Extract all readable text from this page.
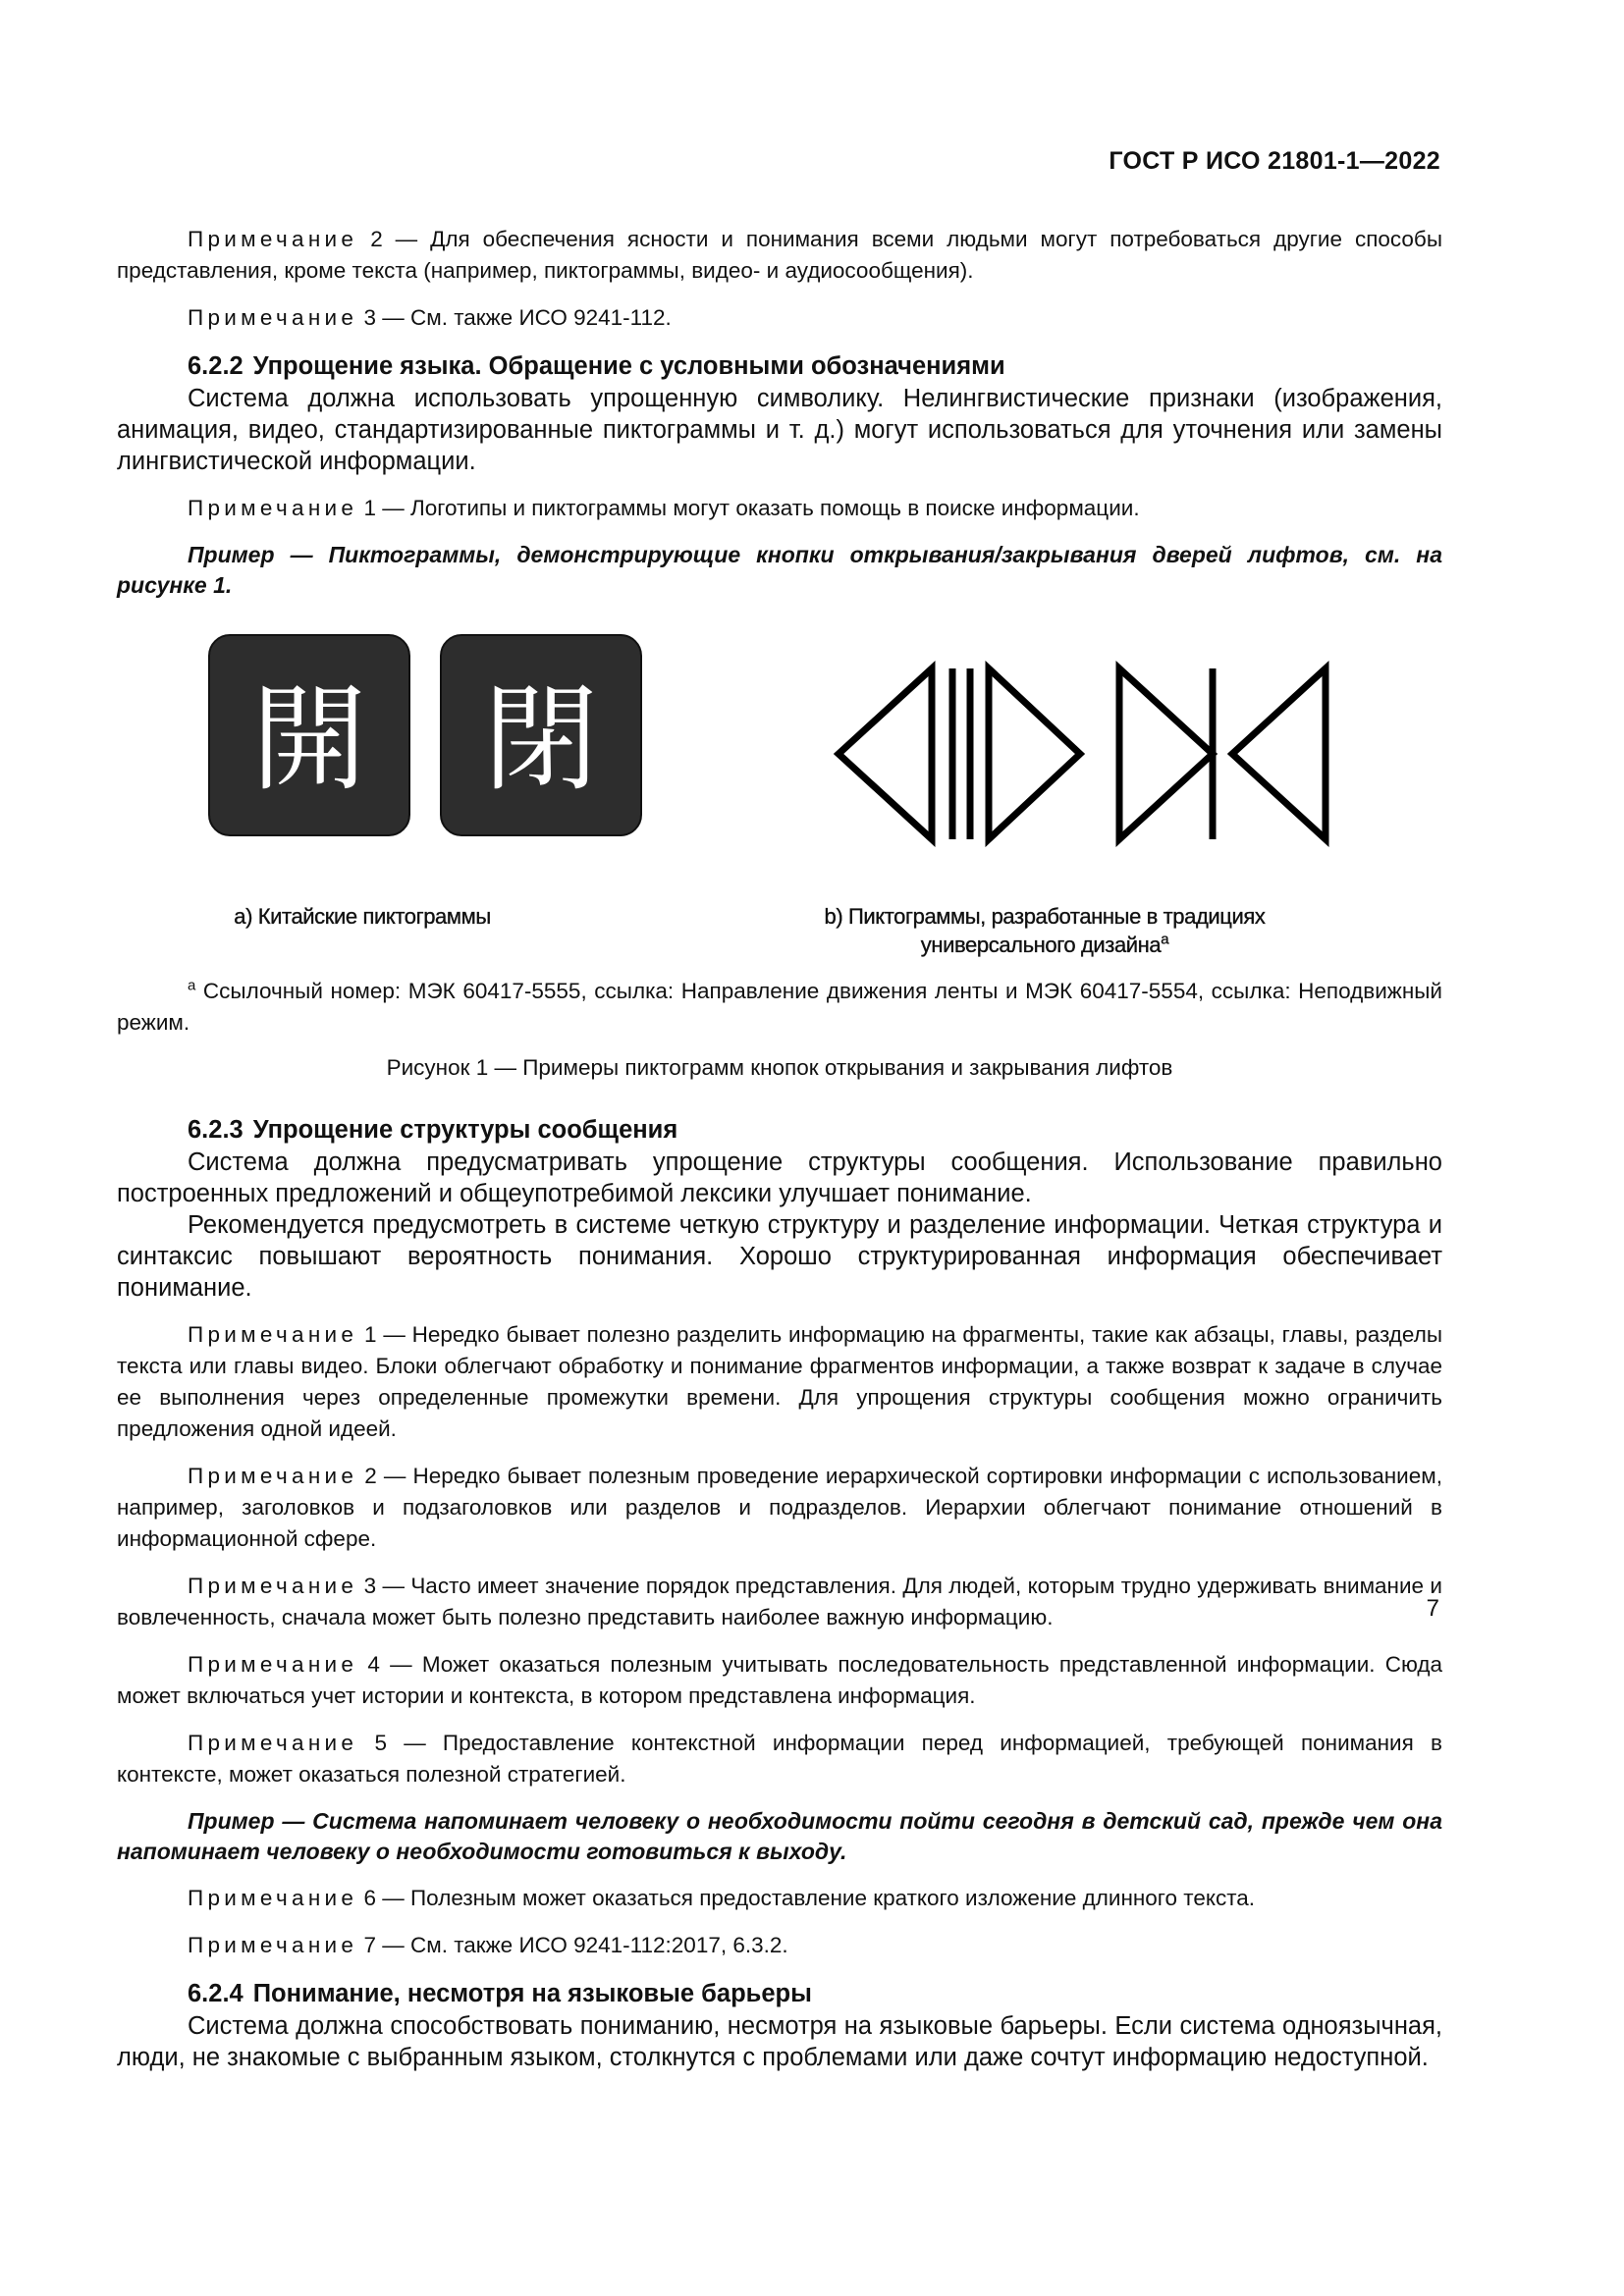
ГОСТ Р ИСО 21801-1—2022

Примечание 2 — Для обеспечения ясности и понимания всеми людьми могут потребоваться другие способы представления, кроме текста (например, пиктограммы, видео- и аудиосообщения).

Примечание 3 — См. также ИСО 9241-112.

6.2.2 Упрощение языка. Обращение с условными обозначениями

Система должна использовать упрощенную символику. Нелингвистические признаки (изображения, анимация, видео, стандартизированные пиктограммы и т. д.) могут использоваться для уточнения или замены лингвистической информации.

Примечание 1 — Логотипы и пиктограммы могут оказать помощь в поиске информации.

Пример — Пиктограммы, демонстрирующие кнопки открывания/закрывания дверей лифтов, см. на рисунке 1.

開 閉
a) Китайские пиктограммы	b) Пиктограммы, разработанные в традициях универсального дизайна$^a$

$^a$ Ссылочный номер: МЭК 60417-5555, ссылка: Направление движения ленты и МЭК 60417-5554, ссылка: Неподвижный режим.

Рисунок 1 — Примеры пиктограмм кнопок открывания и закрывания лифтов

6.2.3 Упрощение структуры сообщения

Система должна предусматривать упрощение структуры сообщения. Использование правильно построенных предложений и общеупотребимой лексики улучшает понимание.

Рекомендуется предусмотреть в системе четкую структуру и разделение информации. Четкая структура и синтаксис повышают вероятность понимания. Хорошо структурированная информация обеспечивает понимание.

Примечание 1 — Нередко бывает полезно разделить информацию на фрагменты, такие как абзацы, главы, разделы текста или главы видео. Блоки облегчают обработку и понимание фрагментов информации, а также возврат к задаче в случае ее выполнения через определенные промежутки времени. Для упрощения структуры сообщения можно ограничить предложения одной идеей.

Примечание 2 — Нередко бывает полезным проведение иерархической сортировки информации с использованием, например, заголовков и подзаголовков или разделов и подразделов. Иерархии облегчают понимание отношений в информационной сфере.

Примечание 3 — Часто имеет значение порядок представления. Для людей, которым трудно удерживать внимание и вовлеченность, сначала может быть полезно представить наиболее важную информацию.

Примечание 4 — Может оказаться полезным учитывать последовательность представленной информации. Сюда может включаться учет истории и контекста, в котором представлена информация.

Примечание 5 — Предоставление контекстной информации перед информацией, требующей понимания в контексте, может оказаться полезной стратегией.

Пример — Система напоминает человеку о необходимости пойти сегодня в детский сад, прежде чем она напоминает человеку о необходимости готовиться к выходу.

Примечание 6 — Полезным может оказаться предоставление краткого изложение длинного текста.

Примечание 7 — См. также ИСО 9241-112:2017, 6.3.2.

6.2.4 Понимание, несмотря на языковые барьеры

Система должна способствовать пониманию, несмотря на языковые барьеры. Если система одноязычная, люди, не знакомые с выбранным языком, столкнутся с проблемами или даже сочтут информацию недоступной.

7
